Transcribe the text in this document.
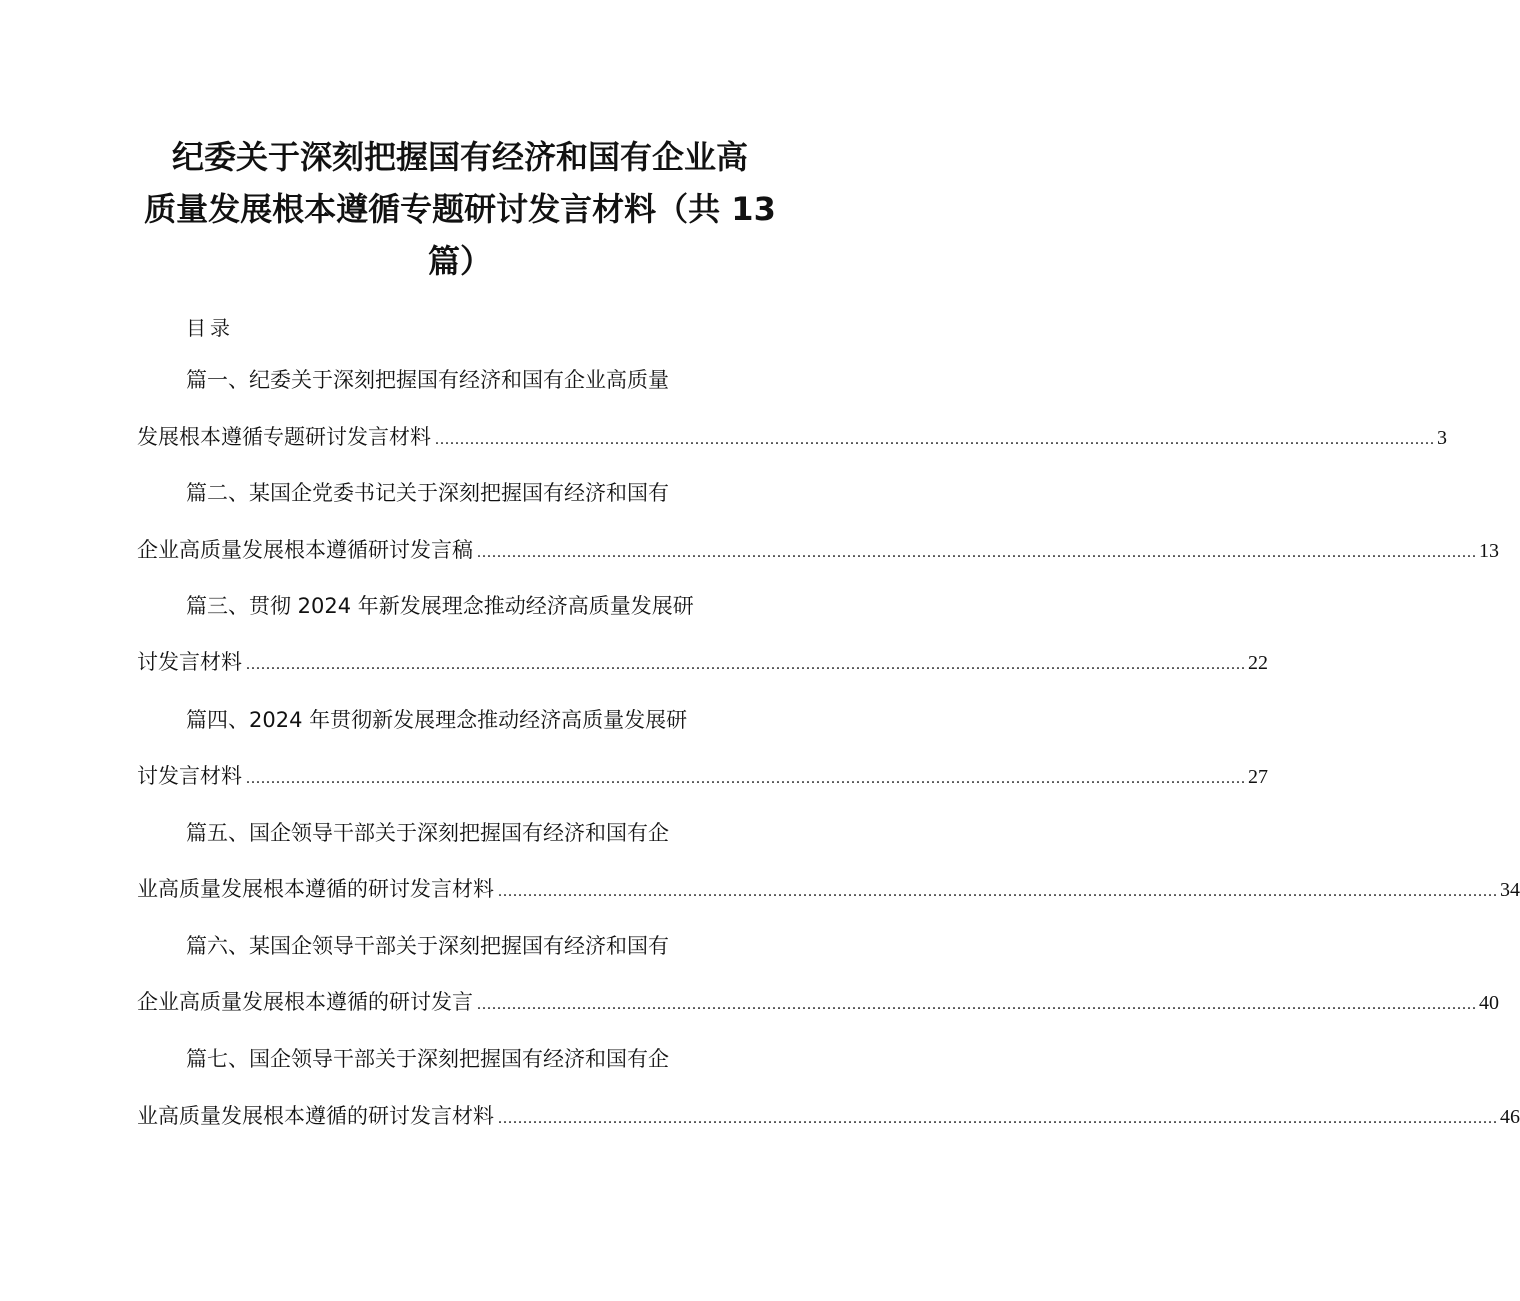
纪委关于深刻把握国有经济和国有企业高
质量发展根本遵循专题研讨发言材料（共 13
篇）
目录
篇一、纪委关于深刻把握国有经济和国有企业高质量
发展根本遵循专题研讨发言材料 ........................................................................................................................................................................................................ 3
篇二、某国企党委书记关于深刻把握国有经济和国有
企业高质量发展根本遵循研讨发言稿 ........................................................................................................................................................................................................ 13
篇三、贯彻 2024 年新发展理念推动经济高质量发展研
讨发言材料 ........................................................................................................................................................................................................ 22
篇四、2024 年贯彻新发展理念推动经济高质量发展研
讨发言材料 ........................................................................................................................................................................................................ 27
篇五、国企领导干部关于深刻把握国有经济和国有企
业高质量发展根本遵循的研讨发言材料 ........................................................................................................................................................................................................ 34
篇六、某国企领导干部关于深刻把握国有经济和国有
企业高质量发展根本遵循的研讨发言 ........................................................................................................................................................................................................ 40
篇七、国企领导干部关于深刻把握国有经济和国有企
业高质量发展根本遵循的研讨发言材料 ........................................................................................................................................................................................................ 46
